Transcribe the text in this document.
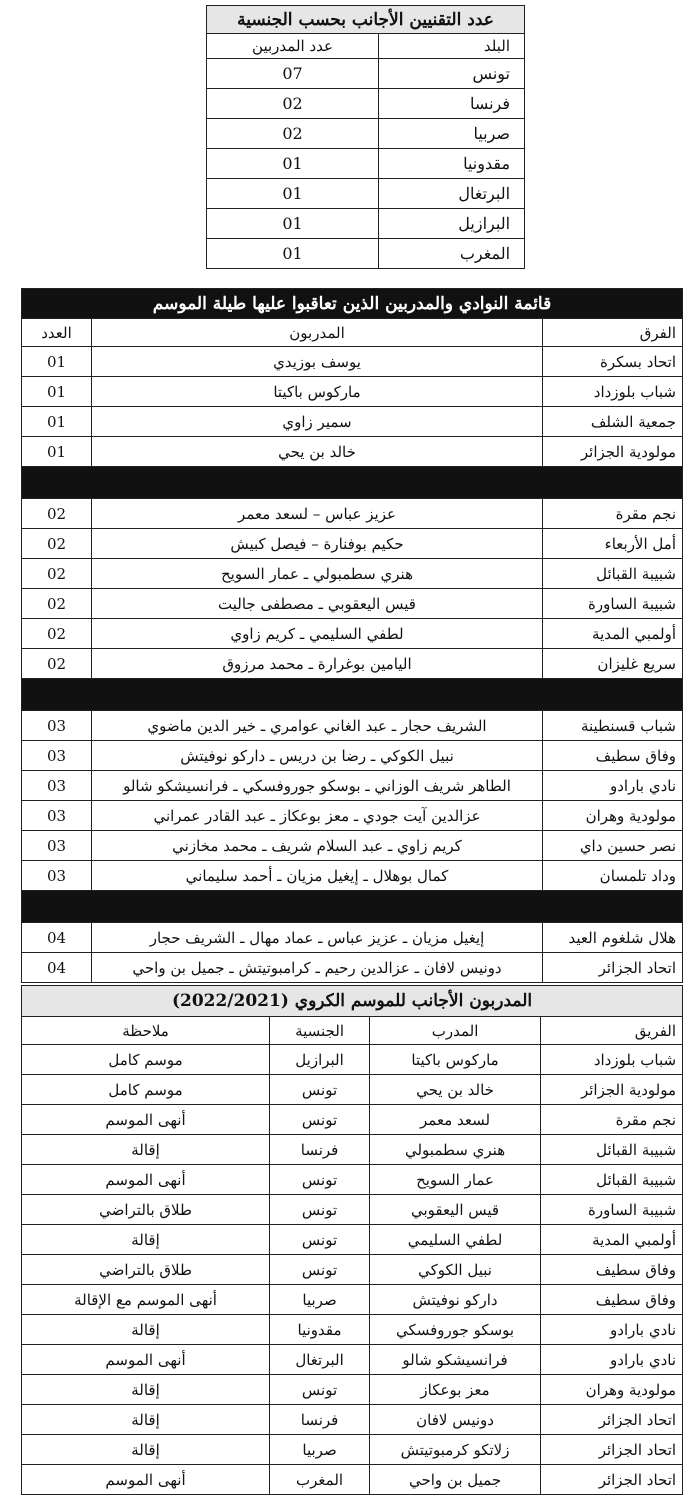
عدد التقنيين الأجانب بحسب الجنسية	
البلد	عدد المدربين
تونس	07
فرنسا	02
صربيا	02
مقدونيا	01
البرتغال	01
البرازيل	01
المغرب	01
قائمة النوادي والمدربين الذين تعاقبوا عليها طيلة الموسم		
الفرق	المدربون	العدد
اتحاد بسكرة	يوسف بوزيدي	01
شباب بلوزداد	ماركوس باكيتا	01
جمعية الشلف	سمير زاوي	01
مولودية الجزائر	خالد بن يحي	01

نجم مقرة	عزيز عباس – لسعد معمر	02
أمل الأربعاء	حكيم بوفنارة – فيصل كبيش	02
شبيبة القبائل	هنري سطمبولي ـ عمار السويح	02
شبيبة الساورة	قيس اليعقوبي ـ مصطفى جاليت	02
أولمبي المدية	لطفي السليمي ـ كريم زاوي	02
سريع غليزان	اليامين بوغرارة ـ محمد مرزوق	02

شباب قسنطينة	الشريف حجار ـ عبد الغاني عوامري ـ خير الدين ماضوي	03
وفاق سطيف	نبيل الكوكي ـ رضا بن دريس ـ داركو نوفيتش	03
نادي بارادو	الطاهر شريف الوزاني ـ بوسكو جوروفسكي ـ فرانسيشكو شالو	03
مولودية وهران	عزالدين آيت جودي ـ معز بوعكاز ـ عبد القادر عمراني	03
نصر حسين داي	كريم زاوي ـ عبد السلام شريف ـ محمد مخازني	03
وداد تلمسان	كمال بوهلال ـ إيغيل مزيان ـ أحمد سليماني	03

هلال شلغوم العيد	إيغيل مزيان ـ عزيز عباس ـ عماد مهال ـ الشريف حجار	04
اتحاد الجزائر	دونيس لافان ـ عزالدين رحيم ـ كرامبوتيتش ـ جميل بن واحي	04
المدربون الأجانب للموسم الكروي (2022/2021)			
الفريق	المدرب	الجنسية	ملاحظة
شباب بلوزداد	ماركوس باكيتا	البرازيل	موسم كامل
مولودية الجزائر	خالد بن يحي	تونس	موسم كامل
نجم مقرة	لسعد معمر	تونس	أنهى الموسم
شبيبة القبائل	هنري سطمبولي	فرنسا	إقالة
شبيبة القبائل	عمار السويح	تونس	أنهى الموسم
شبيبة الساورة	قيس اليعقوبي	تونس	طلاق بالتراضي
أولمبي المدية	لطفي السليمي	تونس	إقالة
وفاق سطيف	نبيل الكوكي	تونس	طلاق بالتراضي
وفاق سطيف	داركو نوفيتش	صربيا	أنهى الموسم مع الإقالة
نادي بارادو	بوسكو جوروفسكي	مقدونيا	إقالة
نادي بارادو	فرانسيشكو شالو	البرتغال	أنهى الموسم
مولودية وهران	معز بوعكاز	تونس	إقالة
اتحاد الجزائر	دونيس لافان	فرنسا	إقالة
اتحاد الجزائر	زلاتكو كرمبوتيتش	صربيا	إقالة
اتحاد الجزائر	جميل بن واحي	المغرب	أنهى الموسم
